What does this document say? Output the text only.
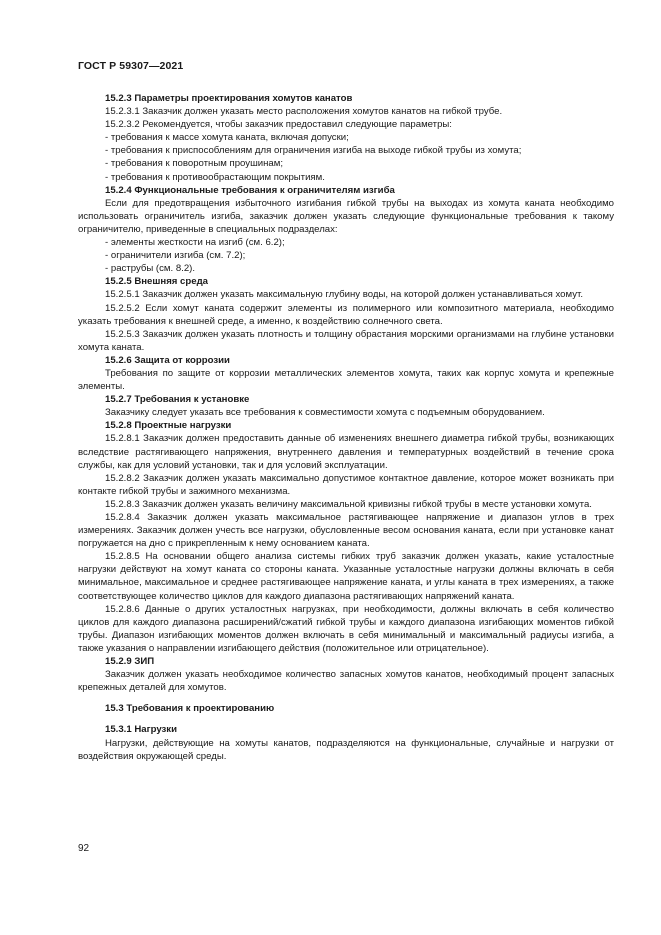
ГОСТ Р 59307—2021
15.2.3 Параметры проектирования хомутов канатов

15.2.3.1 Заказчик должен указать место расположения хомутов канатов на гибкой трубе.

15.2.3.2 Рекомендуется, чтобы заказчик предоставил следующие параметры:

- требования к массе хомута каната, включая допуски;

- требования к приспособлениям для ограничения изгиба на выходе гибкой трубы из хомута;

- требования к поворотным проушинам;

- требования к противообрастающим покрытиям.

15.2.4 Функциональные требования к ограничителям изгиба

Если для предотвращения избыточного изгибания гибкой трубы на выходах из хомута каната необходимо использовать ограничитель изгиба, заказчик должен указать следующие функциональные требования к такому ограничителю, приведенные в специальных подразделах:

- элементы жесткости на изгиб (см. 6.2);

- ограничители изгиба (см. 7.2);

- раструбы (см. 8.2).

15.2.5 Внешняя среда

15.2.5.1 Заказчик должен указать максимальную глубину воды, на которой должен устанавливаться хомут.

15.2.5.2 Если хомут каната содержит элементы из полимерного или композитного материала, необходимо указать требования к внешней среде, а именно, к воздействию солнечного света.

15.2.5.3 Заказчик должен указать плотность и толщину обрастания морскими организмами на глубине установки хомута каната.

15.2.6 Защита от коррозии

Требования по защите от коррозии металлических элементов хомута, таких как корпус хомута и крепежные элементы.

15.2.7 Требования к установке

Заказчику следует указать все требования к совместимости хомута с подъемным оборудованием.

15.2.8 Проектные нагрузки

15.2.8.1 Заказчик должен предоставить данные об изменениях внешнего диаметра гибкой трубы, возникающих вследствие растягивающего напряжения, внутреннего давления и температурных воздействий в течение срока службы, как для условий установки, так и для условий эксплуатации.

15.2.8.2 Заказчик должен указать максимально допустимое контактное давление, которое может возникать при контакте гибкой трубы и зажимного механизма.

15.2.8.3 Заказчик должен указать величину максимальной кривизны гибкой трубы в месте установки хомута.

15.2.8.4 Заказчик должен указать максимальное растягивающее напряжение и диапазон углов в трех измерениях. Заказчик должен учесть все нагрузки, обусловленные весом основания каната, если при установке канат погружается на дно с прикрепленным к нему основанием каната.

15.2.8.5 На основании общего анализа системы гибких труб заказчик должен указать, какие усталостные нагрузки действуют на хомут каната со стороны каната. Указанные усталостные нагрузки должны включать в себя минимальное, максимальное и среднее растягивающее напряжение каната, и углы каната в трех измерениях, а также соответствующее количество циклов для каждого диапазона растягивающих напряжений каната.

15.2.8.6 Данные о других усталостных нагрузках, при необходимости, должны включать в себя количество циклов для каждого диапазона расширений/сжатий гибкой трубы и каждого диапазона изгибающих моментов гибкой трубы. Диапазон изгибающих моментов должен включать в себя минимальный и максимальный радиусы изгиба, а также указания о направлении изгибающего действия (положительное или отрицательное).

15.2.9 ЗИП

Заказчик должен указать необходимое количество запасных хомутов канатов, необходимый процент запасных крепежных деталей для хомутов.

15.3 Требования к проектированию
15.3.1 Нагрузки

Нагрузки, действующие на хомуты канатов, подразделяются на функциональные, случайные и нагрузки от воздействия окружающей среды.

92
